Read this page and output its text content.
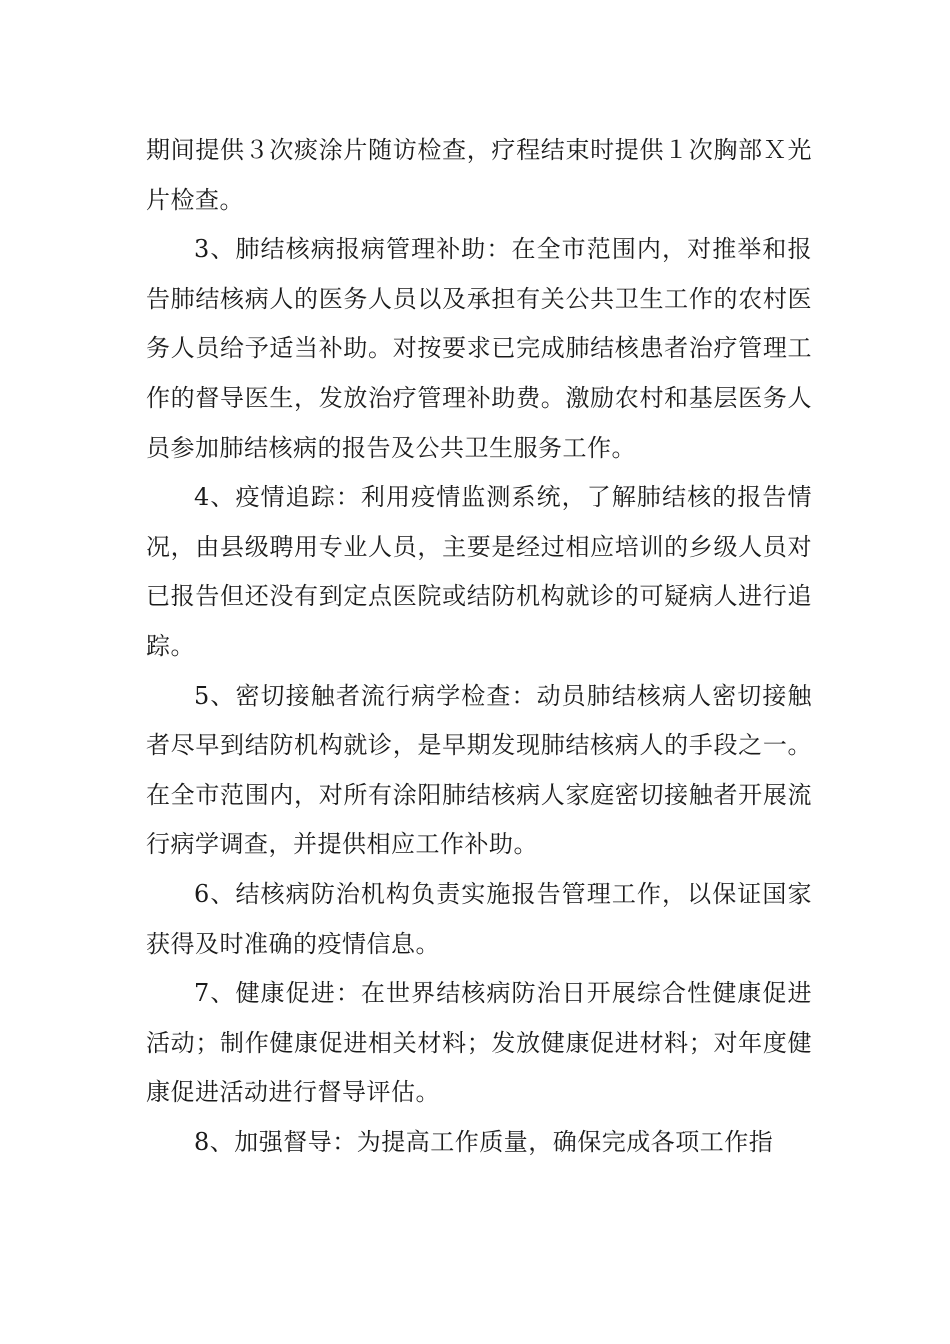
期间提供３次痰涂片随访检查，疗程结束时提供１次胸部Ｘ光片检查。

3、肺结核病报病管理补助：在全市范围内，对推举和报告肺结核病人的医务人员以及承担有关公共卫生工作的农村医务人员给予适当补助。对按要求已完成肺结核患者治疗管理工作的督导医生，发放治疗管理补助费。激励农村和基层医务人员参加肺结核病的报告及公共卫生服务工作。

4、疫情追踪：利用疫情监测系统，了解肺结核的报告情况，由县级聘用专业人员，主要是经过相应培训的乡级人员对已报告但还没有到定点医院或结防机构就诊的可疑病人进行追踪。

5、密切接触者流行病学检查：动员肺结核病人密切接触者尽早到结防机构就诊，是早期发现肺结核病人的手段之一。在全市范围内，对所有涂阳肺结核病人家庭密切接触者开展流行病学调查，并提供相应工作补助。

6、结核病防治机构负责实施报告管理工作，以保证国家获得及时准确的疫情信息。

7、健康促进：在世界结核病防治日开展综合性健康促进活动；制作健康促进相关材料；发放健康促进材料；对年度健康促进活动进行督导评估。

8、加强督导：为提高工作质量，确保完成各项工作指
